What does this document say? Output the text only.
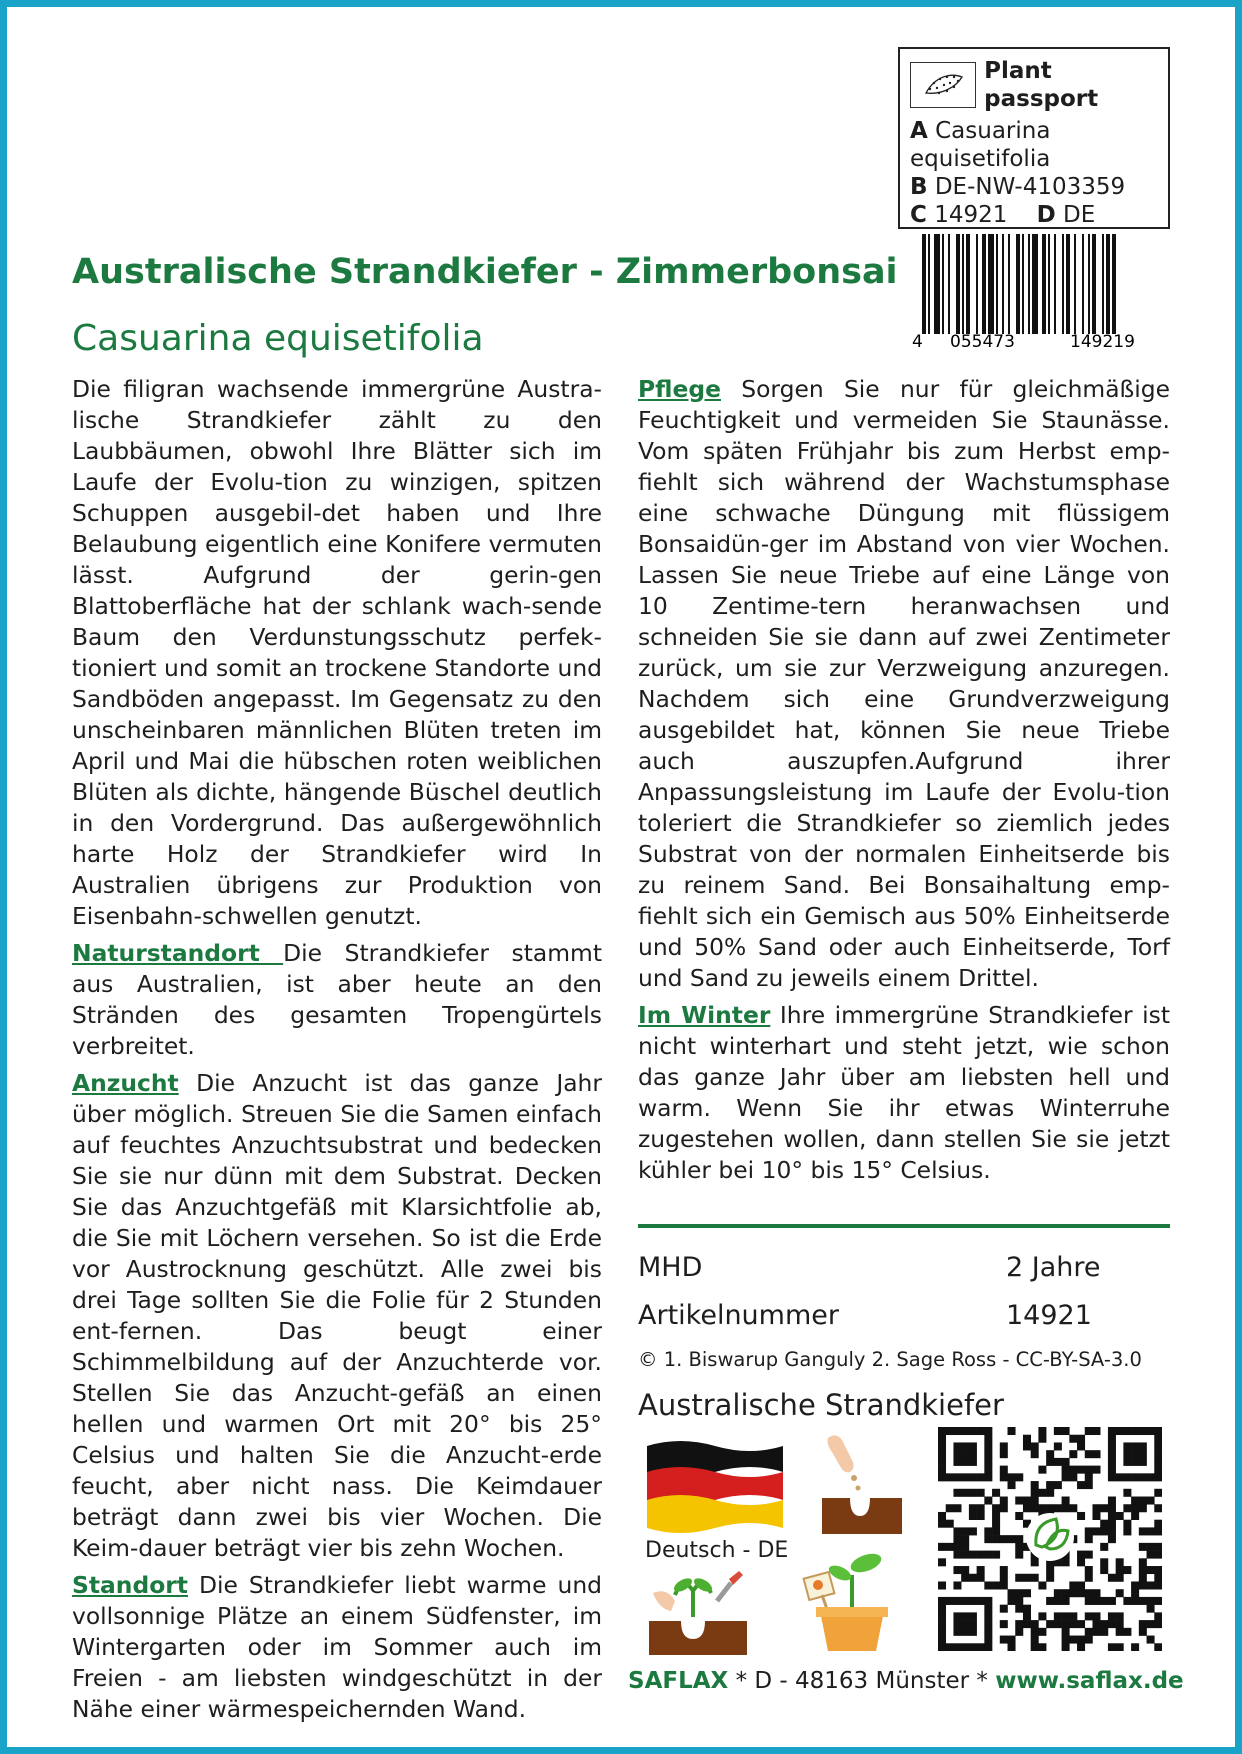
Plant passport
A Casuarina equisetifolia
B DE-NW-4103359
C 14921 D DE
4 055473	149219
Australische Strandkiefer - Zimmerbonsai
Casuarina equisetifolia

Die filigran wachsende immergrüne Austra-lische Strandkiefer zählt zu den Laubbäumen, obwohl Ihre Blätter sich im Laufe der Evolu-tion zu winzigen, spitzen Schuppen ausgebil-det haben und Ihre Belaubung eigentlich eine Konifere vermuten lässt. Aufgrund der gerin-gen Blattoberfläche hat der schlank wach-sende Baum den Verdunstungsschutz perfek-tioniert und somit an trockene Standorte und Sandböden angepasst. Im Gegensatz zu den unscheinbaren männlichen Blüten treten im April und Mai die hübschen roten weiblichen Blüten als dichte, hängende Büschel deutlich in den Vordergrund. Das außergewöhnlich harte Holz der Strandkiefer wird In Australien übrigens zur Produktion von Eisenbahn-schwellen genutzt.

Naturstandort Die Strandkiefer stammt aus Australien, ist aber heute an den Stränden des gesamten Tropengürtels verbreitet.

Anzucht Die Anzucht ist das ganze Jahr über möglich. Streuen Sie die Samen einfach auf feuchtes Anzuchtsubstrat und bedecken Sie sie nur dünn mit dem Substrat. Decken Sie das Anzuchtgefäß mit Klarsichtfolie ab, die Sie mit Löchern versehen. So ist die Erde vor Austrocknung geschützt. Alle zwei bis drei Tage sollten Sie die Folie für 2 Stunden ent-fernen. Das beugt einer Schimmelbildung auf der Anzuchterde vor. Stellen Sie das Anzucht-gefäß an einen hellen und warmen Ort mit 20° bis 25° Celsius und halten Sie die Anzucht-erde feucht, aber nicht nass. Die Keimdauer beträgt dann zwei bis vier Wochen. Die Keim-dauer beträgt vier bis zehn Wochen.

Standort Die Strandkiefer liebt warme und vollsonnige Plätze an einem Südfenster, im Wintergarten oder im Sommer auch im Freien - am liebsten windgeschützt in der Nähe einer wärmespeichernden Wand.

Pflege Sorgen Sie nur für gleichmäßige Feuchtigkeit und vermeiden Sie Staunässe. Vom späten Frühjahr bis zum Herbst emp-fiehlt sich während der Wachstumsphase eine schwache Düngung mit flüssigem Bonsaidün-ger im Abstand von vier Wochen. Lassen Sie neue Triebe auf eine Länge von 10 Zentime-tern heranwachsen und schneiden Sie sie dann auf zwei Zentimeter zurück, um sie zur Verzweigung anzuregen. Nachdem sich eine Grundverzweigung ausgebildet hat, können Sie neue Triebe auch auszupfen.Aufgrund ihrer Anpassungsleistung im Laufe der Evolu-tion toleriert die Strandkiefer so ziemlich jedes Substrat von der normalen Einheitserde bis zu reinem Sand. Bei Bonsaihaltung emp-fiehlt sich ein Gemisch aus 50% Einheitserde und 50% Sand oder auch Einheitserde, Torf und Sand zu jeweils einem Drittel.

Im Winter Ihre immergrüne Strandkiefer ist nicht winterhart und steht jetzt, wie schon das ganze Jahr über am liebsten hell und warm. Wenn Sie ihr etwas Winterruhe zugestehen wollen, dann stellen Sie sie jetzt kühler bei 10° bis 15° Celsius.

MHD	2 Jahre
Artikelnummer	14921
© 1. Biswarup Ganguly 2. Sage Ross - CC-BY-SA-3.0
Australische Strandkiefer
Deutsch - DE
SAFLAX * D - 48163 Münster * www.saflax.de
